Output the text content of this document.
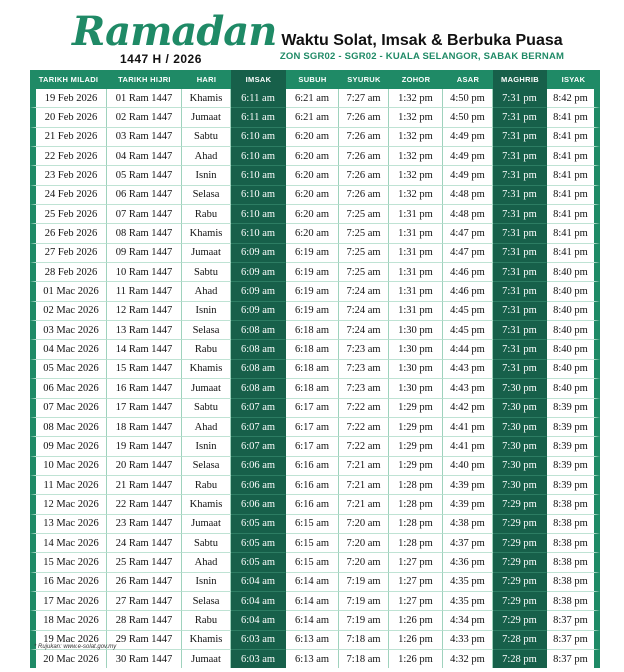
Ramadan
1447 H / 2026
Waktu Solat, Imsak & Berbuka Puasa
ZON SGR02 - SGR02 - KUALA SELANGOR, SABAK BERNAM
TARIKH MILADI	TARIKH HIJRI	HARI	IMSAK	SUBUH	SYURUK	ZOHOR	ASAR	MAGHRIB	ISYAK
19 Feb 2026	01 Ram 1447	Khamis	6:11 am	6:21 am	7:27 am	1:32 pm	4:50 pm	7:31 pm	8:42 pm
20 Feb 2026	02 Ram 1447	Jumaat	6:11 am	6:21 am	7:26 am	1:32 pm	4:50 pm	7:31 pm	8:41 pm
21 Feb 2026	03 Ram 1447	Sabtu	6:10 am	6:20 am	7:26 am	1:32 pm	4:49 pm	7:31 pm	8:41 pm
22 Feb 2026	04 Ram 1447	Ahad	6:10 am	6:20 am	7:26 am	1:32 pm	4:49 pm	7:31 pm	8:41 pm
23 Feb 2026	05 Ram 1447	Isnin	6:10 am	6:20 am	7:26 am	1:32 pm	4:49 pm	7:31 pm	8:41 pm
24 Feb 2026	06 Ram 1447	Selasa	6:10 am	6:20 am	7:26 am	1:32 pm	4:48 pm	7:31 pm	8:41 pm
25 Feb 2026	07 Ram 1447	Rabu	6:10 am	6:20 am	7:25 am	1:31 pm	4:48 pm	7:31 pm	8:41 pm
26 Feb 2026	08 Ram 1447	Khamis	6:10 am	6:20 am	7:25 am	1:31 pm	4:47 pm	7:31 pm	8:41 pm
27 Feb 2026	09 Ram 1447	Jumaat	6:09 am	6:19 am	7:25 am	1:31 pm	4:47 pm	7:31 pm	8:41 pm
28 Feb 2026	10 Ram 1447	Sabtu	6:09 am	6:19 am	7:25 am	1:31 pm	4:46 pm	7:31 pm	8:40 pm
01 Mac 2026	11 Ram 1447	Ahad	6:09 am	6:19 am	7:24 am	1:31 pm	4:46 pm	7:31 pm	8:40 pm
02 Mac 2026	12 Ram 1447	Isnin	6:09 am	6:19 am	7:24 am	1:31 pm	4:45 pm	7:31 pm	8:40 pm
03 Mac 2026	13 Ram 1447	Selasa	6:08 am	6:18 am	7:24 am	1:30 pm	4:45 pm	7:31 pm	8:40 pm
04 Mac 2026	14 Ram 1447	Rabu	6:08 am	6:18 am	7:23 am	1:30 pm	4:44 pm	7:31 pm	8:40 pm
05 Mac 2026	15 Ram 1447	Khamis	6:08 am	6:18 am	7:23 am	1:30 pm	4:43 pm	7:31 pm	8:40 pm
06 Mac 2026	16 Ram 1447	Jumaat	6:08 am	6:18 am	7:23 am	1:30 pm	4:43 pm	7:30 pm	8:40 pm
07 Mac 2026	17 Ram 1447	Sabtu	6:07 am	6:17 am	7:22 am	1:29 pm	4:42 pm	7:30 pm	8:39 pm
08 Mac 2026	18 Ram 1447	Ahad	6:07 am	6:17 am	7:22 am	1:29 pm	4:41 pm	7:30 pm	8:39 pm
09 Mac 2026	19 Ram 1447	Isnin	6:07 am	6:17 am	7:22 am	1:29 pm	4:41 pm	7:30 pm	8:39 pm
10 Mac 2026	20 Ram 1447	Selasa	6:06 am	6:16 am	7:21 am	1:29 pm	4:40 pm	7:30 pm	8:39 pm
11 Mac 2026	21 Ram 1447	Rabu	6:06 am	6:16 am	7:21 am	1:28 pm	4:39 pm	7:30 pm	8:39 pm
12 Mac 2026	22 Ram 1447	Khamis	6:06 am	6:16 am	7:21 am	1:28 pm	4:39 pm	7:29 pm	8:38 pm
13 Mac 2026	23 Ram 1447	Jumaat	6:05 am	6:15 am	7:20 am	1:28 pm	4:38 pm	7:29 pm	8:38 pm
14 Mac 2026	24 Ram 1447	Sabtu	6:05 am	6:15 am	7:20 am	1:28 pm	4:37 pm	7:29 pm	8:38 pm
15 Mac 2026	25 Ram 1447	Ahad	6:05 am	6:15 am	7:20 am	1:27 pm	4:36 pm	7:29 pm	8:38 pm
16 Mac 2026	26 Ram 1447	Isnin	6:04 am	6:14 am	7:19 am	1:27 pm	4:35 pm	7:29 pm	8:38 pm
17 Mac 2026	27 Ram 1447	Selasa	6:04 am	6:14 am	7:19 am	1:27 pm	4:35 pm	7:29 pm	8:38 pm
18 Mac 2026	28 Ram 1447	Rabu	6:04 am	6:14 am	7:19 am	1:26 pm	4:34 pm	7:29 pm	8:37 pm
19 Mac 2026	29 Ram 1447	Khamis	6:03 am	6:13 am	7:18 am	1:26 pm	4:33 pm	7:28 pm	8:37 pm
20 Mac 2026	30 Ram 1447	Jumaat	6:03 am	6:13 am	7:18 am	1:26 pm	4:32 pm	7:28 pm	8:37 pm
* Rujukan: www.e-solat.gov.my
